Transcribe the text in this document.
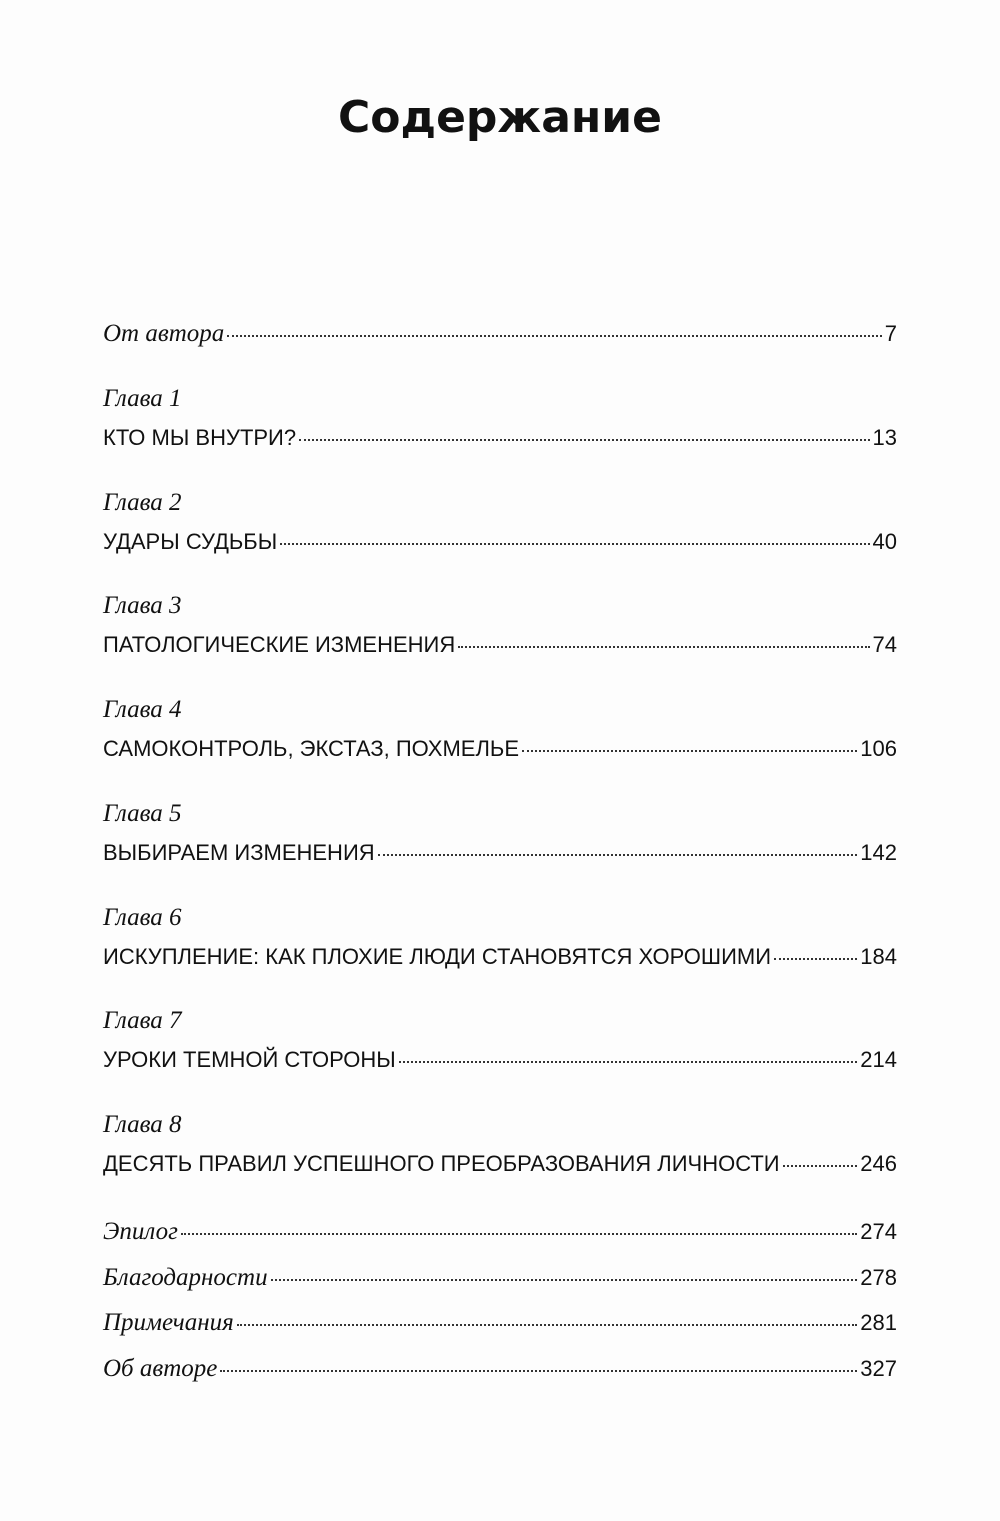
Содержание
От автора	7
Глава 1
КТО МЫ ВНУТРИ?	13
Глава 2
УДАРЫ СУДЬБЫ	40
Глава 3
ПАТОЛОГИЧЕСКИЕ ИЗМЕНЕНИЯ	74
Глава 4
САМОКОНТРОЛЬ, ЭКСТАЗ, ПОХМЕЛЬЕ	106
Глава 5
ВЫБИРАЕМ ИЗМЕНЕНИЯ	142
Глава 6
ИСКУПЛЕНИЕ: КАК ПЛОХИЕ ЛЮДИ СТАНОВЯТСЯ ХОРОШИМИ	184
Глава 7
УРОКИ ТЕМНОЙ СТОРОНЫ	214
Глава 8
ДЕСЯТЬ ПРАВИЛ УСПЕШНОГО ПРЕОБРАЗОВАНИЯ ЛИЧНОСТИ	246
Эпилог	274
Благодарности	278
Примечания	281
Об авторе	327
